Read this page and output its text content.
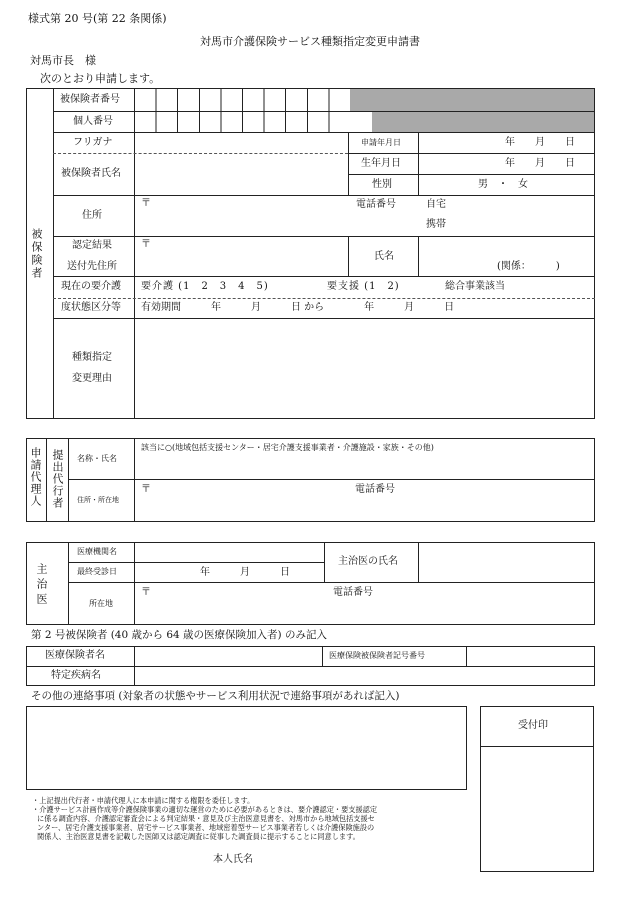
様式第 20 号(第 22 条関係)
対馬市介護保険サービス種類指定変更申請書
対馬市長　様
次のとおり申請します。
被保険者
被保険者番号
個人番号
フリガナ
被保険者氏名
申請年月日	年　　月　　日
生年月日	年　　月　　日
性別	男　・　女
住所
〒	電話番号	自宅
携帯
認定結果
送付先住所
〒
氏名
(関係：　　　)
現在の要介護
度状態区分等
要介護 (1　2　3　4　5)	要支援 (1　2)	総合事業該当
有効期間　　　年　　　月　　　日 から　　　　年　　　月　　　日
種類指定
変更理由
申請代理人 提出代行者 名称・氏名
該当に○(地域包括支援センター・居宅介護支援事業者・介護施設・家族・その他)
住所・所在地
〒	電話番号
主治医
医療機関名
最終受診日	年　　　月　　　日
主治医の氏名
所在地
〒	電話番号
第 2 号被保険者 (40 歳から 64 歳の医療保険加入者) のみ記入
医療保険者名	医療保険被保険者記号番号
特定疾病名
その他の連絡事項 (対象者の状態やサービス利用状況で連絡事項があれば記入)
受付印
・上記提出代行者・申請代理人に本申請に関する権限を委任します。
・介護サービス計画作成等介護保険事業の適切な運営のために必要があるときは、要介護認定・要支援認定
に係る調査内容、介護認定審査会による判定結果・意見及び主治医意見書を、対馬市から地域包括支援セ
ンター、居宅介護支援事業者、居宅サービス事業者、地域密着型サービス事業者若しくは介護保険施設の
関係人、主治医意見書を記載した医師又は認定調査に従事した調査員に提示することに同意します。
本人氏名
